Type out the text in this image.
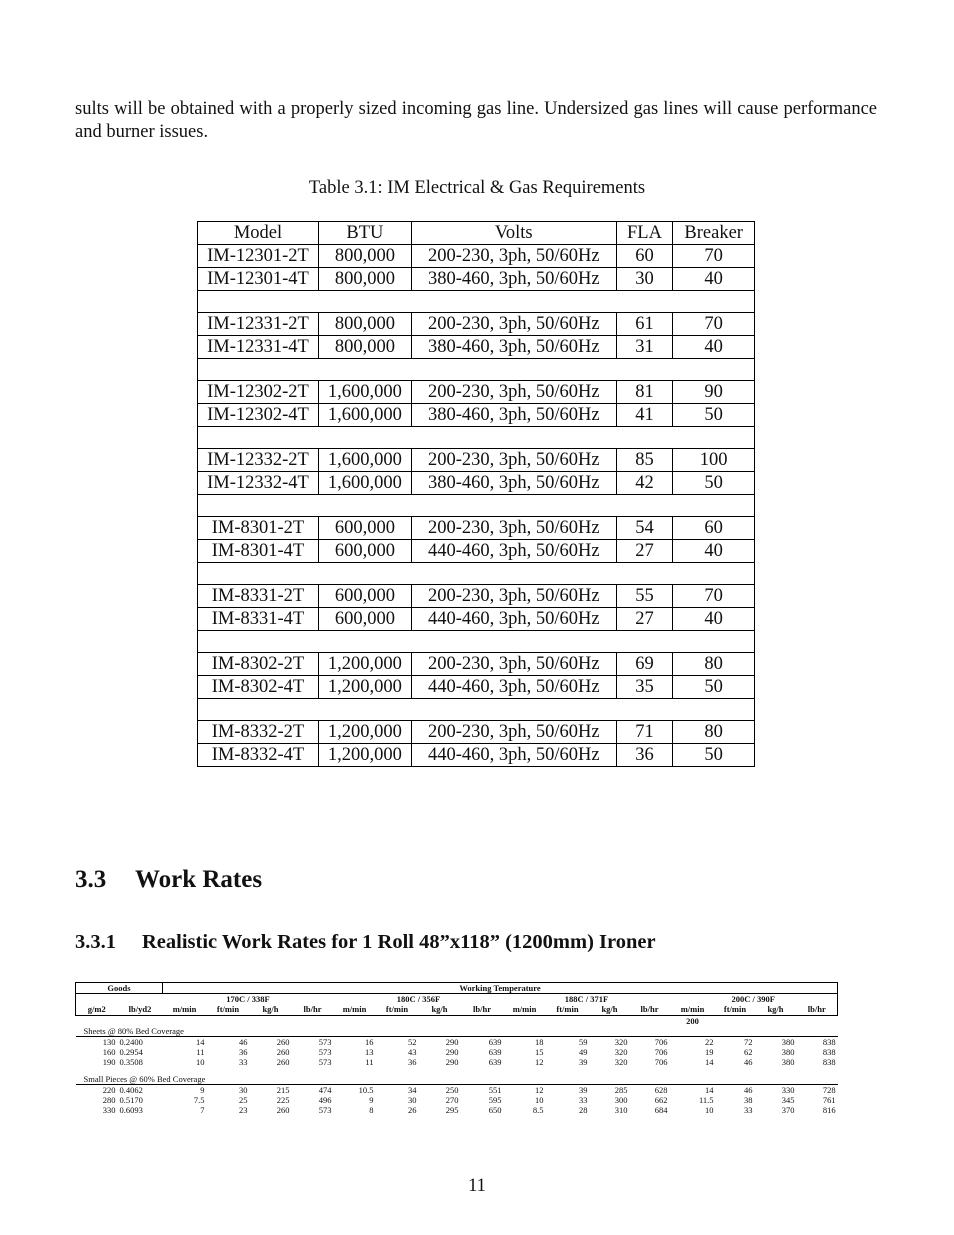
sults will be obtained with a properly sized incoming gas line. Undersized gas lines will cause performance and burner issues.
Table 3.1: IM Electrical & Gas Requirements
Model	BTU	Volts	FLA	Breaker
IM-12301-2T	800,000	200-230, 3ph, 50/60Hz	60	70
IM-12301-4T	800,000	380-460, 3ph, 50/60Hz	30	40

IM-12331-2T	800,000	200-230, 3ph, 50/60Hz	61	70
IM-12331-4T	800,000	380-460, 3ph, 50/60Hz	31	40

IM-12302-2T	1,600,000	200-230, 3ph, 50/60Hz	81	90
IM-12302-4T	1,600,000	380-460, 3ph, 50/60Hz	41	50

IM-12332-2T	1,600,000	200-230, 3ph, 50/60Hz	85	100
IM-12332-4T	1,600,000	380-460, 3ph, 50/60Hz	42	50

IM-8301-2T	600,000	200-230, 3ph, 50/60Hz	54	60
IM-8301-4T	600,000	440-460, 3ph, 50/60Hz	27	40

IM-8331-2T	600,000	200-230, 3ph, 50/60Hz	55	70
IM-8331-4T	600,000	440-460, 3ph, 50/60Hz	27	40

IM-8302-2T	1,200,000	200-230, 3ph, 50/60Hz	69	80
IM-8302-4T	1,200,000	440-460, 3ph, 50/60Hz	35	50

IM-8332-2T	1,200,000	200-230, 3ph, 50/60Hz	71	80
IM-8332-4T	1,200,000	440-460, 3ph, 50/60Hz	36	50
3.3 Work Rates
3.3.1 Realistic Work Rates for 1 Roll 48”x118” (1200mm) Ironer
Goods		Working Temperature															
		170C / 338F				180C / 356F				188C / 371F				200C / 390F			
g/m2	lb/yd2	m/min	ft/min	kg/h	lb/hr	m/min	ft/min	kg/h	lb/hr	m/min	ft/min	kg/h	lb/hr	m/min	ft/min	kg/h	lb/hr
														200			
Sheets @ 80% Bed Coverage																	
130	0.2400	14	46	260	573	16	52	290	639	18	59	320	706	22	72	380	838
160	0.2954	11	36	260	573	13	43	290	639	15	49	320	706	19	62	380	838
190	0.3508	10	33	260	573	11	36	290	639	12	39	320	706	14	46	380	838

Small Pieces @ 60% Bed Coverage																	
220	0.4062	9	30	215	474	10.5	34	250	551	12	39	285	628	14	46	330	728
280	0.5170	7.5	25	225	496	9	30	270	595	10	33	300	662	11.5	38	345	761
330	0.6093	7	23	260	573	8	26	295	650	8.5	28	310	684	10	33	370	816
11
